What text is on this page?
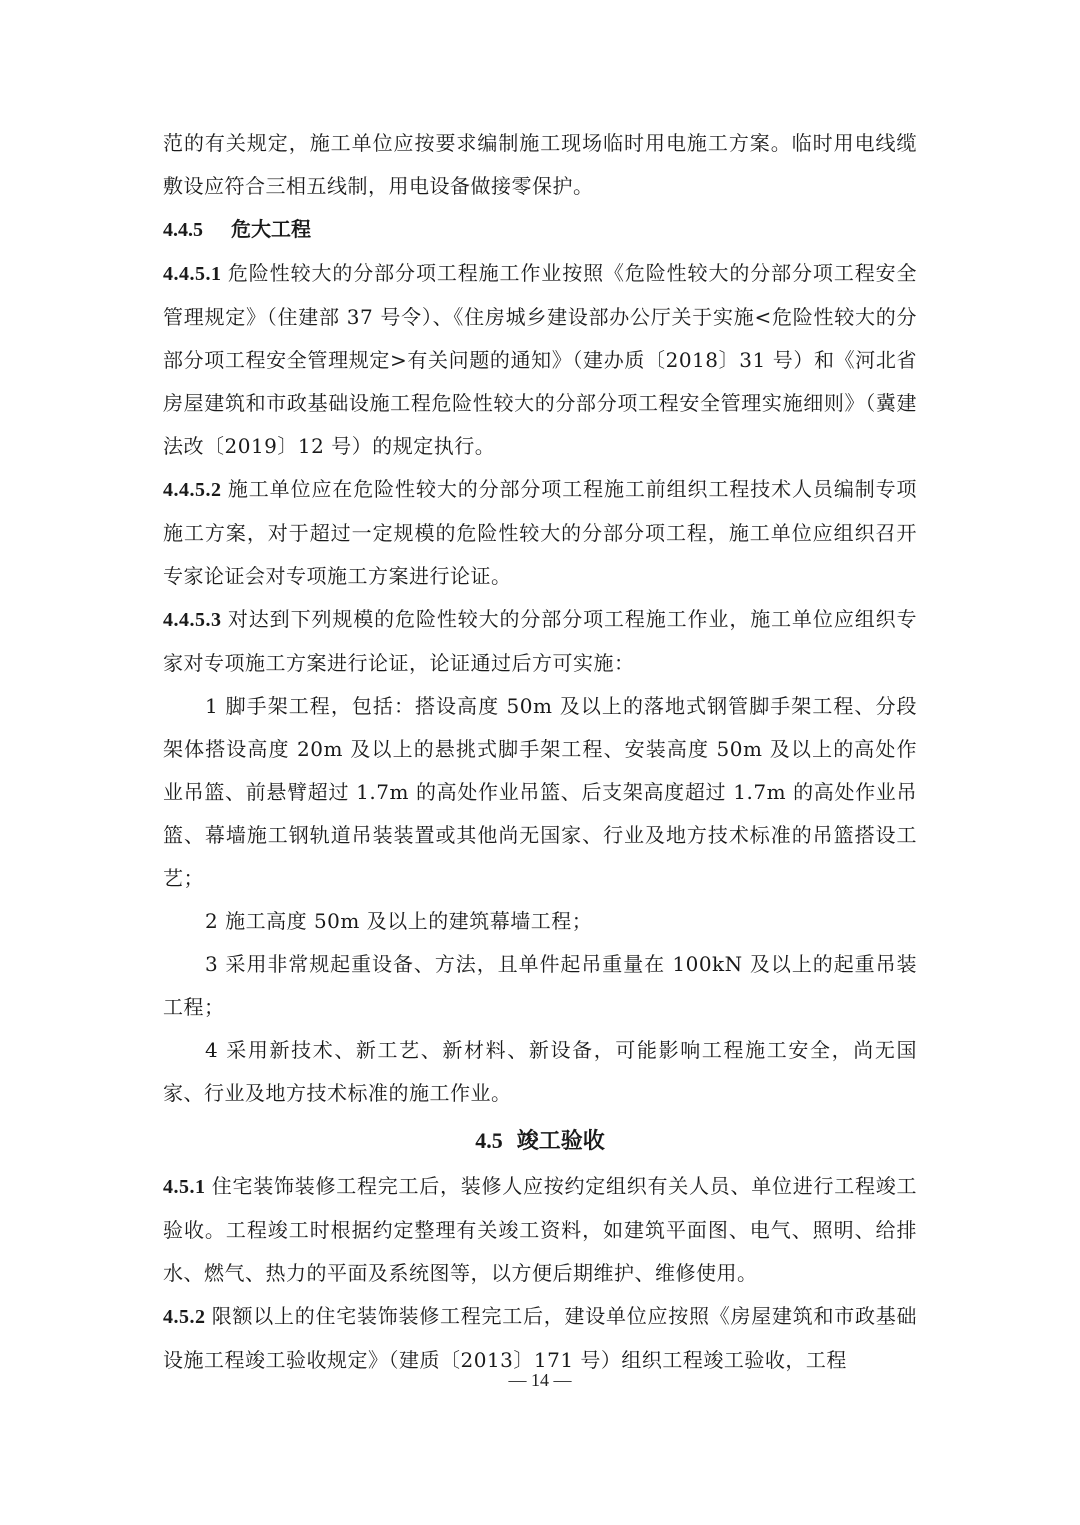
范的有关规定，施工单位应按要求编制施工现场临时用电施工方案。临时用电线缆敷设应符合三相五线制，用电设备做接零保护。

4.4.5 危大工程

4.4.5.1 危险性较大的分部分项工程施工作业按照《危险性较大的分部分项工程安全管理规定》（住建部 37 号令）、《住房城乡建设部办公厅关于实施<危险性较大的分部分项工程安全管理规定>有关问题的通知》（建办质〔2018〕31 号）和《河北省房屋建筑和市政基础设施工程危险性较大的分部分项工程安全管理实施细则》（冀建法改〔2019〕12 号）的规定执行。

4.4.5.2 施工单位应在危险性较大的分部分项工程施工前组织工程技术人员编制专项施工方案，对于超过一定规模的危险性较大的分部分项工程，施工单位应组织召开专家论证会对专项施工方案进行论证。

4.4.5.3 对达到下列规模的危险性较大的分部分项工程施工作业，施工单位应组织专家对专项施工方案进行论证，论证通过后方可实施：

1 脚手架工程，包括：搭设高度 50m 及以上的落地式钢管脚手架工程、分段架体搭设高度 20m 及以上的悬挑式脚手架工程、安装高度 50m 及以上的高处作业吊篮、前悬臂超过 1.7m 的高处作业吊篮、后支架高度超过 1.7m 的高处作业吊篮、幕墙施工钢轨道吊装装置或其他尚无国家、行业及地方技术标准的吊篮搭设工艺；

2 施工高度 50m 及以上的建筑幕墙工程；

3 采用非常规起重设备、方法，且单件起吊重量在 100kN 及以上的起重吊装工程；

4 采用新技术、新工艺、新材料、新设备，可能影响工程施工安全，尚无国家、行业及地方技术标准的施工作业。

4.5 竣工验收

4.5.1 住宅装饰装修工程完工后，装修人应按约定组织有关人员、单位进行工程竣工验收。工程竣工时根据约定整理有关竣工资料，如建筑平面图、电气、照明、给排水、燃气、热力的平面及系统图等，以方便后期维护、维修使用。

4.5.2 限额以上的住宅装饰装修工程完工后，建设单位应按照《房屋建筑和市政基础设施工程竣工验收规定》（建质〔2013〕171 号）组织工程竣工验收，工程

— 14 —
